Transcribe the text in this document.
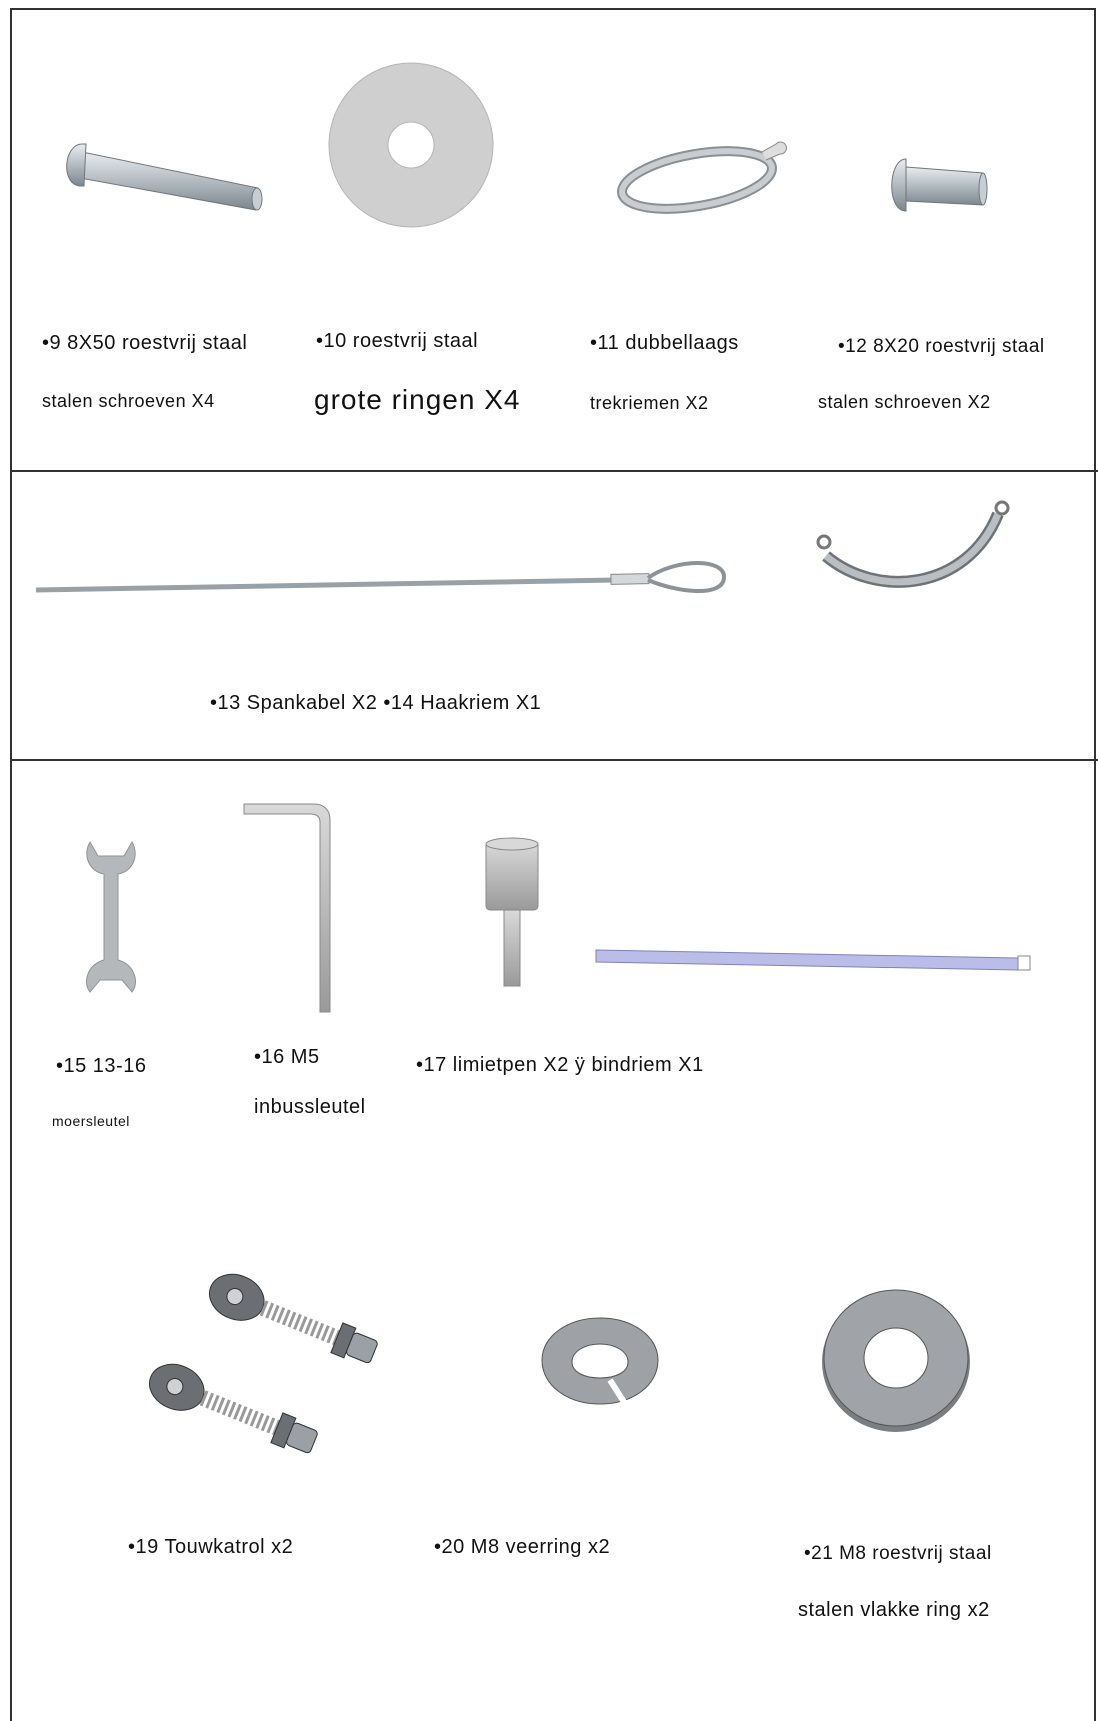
•9 8X50 roestvrij staal
stalen schroeven X4
•10 roestvrij staal
grote ringen X4
•11 dubbellaags
trekriemen X2
•12 8X20 roestvrij staal
stalen schroeven X2
•13 Spankabel X2 •14 Haakriem X1
•15 13-16
moersleutel
•16 M5
inbussleutel
•17 limietpen X2 ÿ bindriem X1
•19 Touwkatrol x2	•20 M8 veerring x2	•21 M8 roestvrij staal
stalen vlakke ring x2
